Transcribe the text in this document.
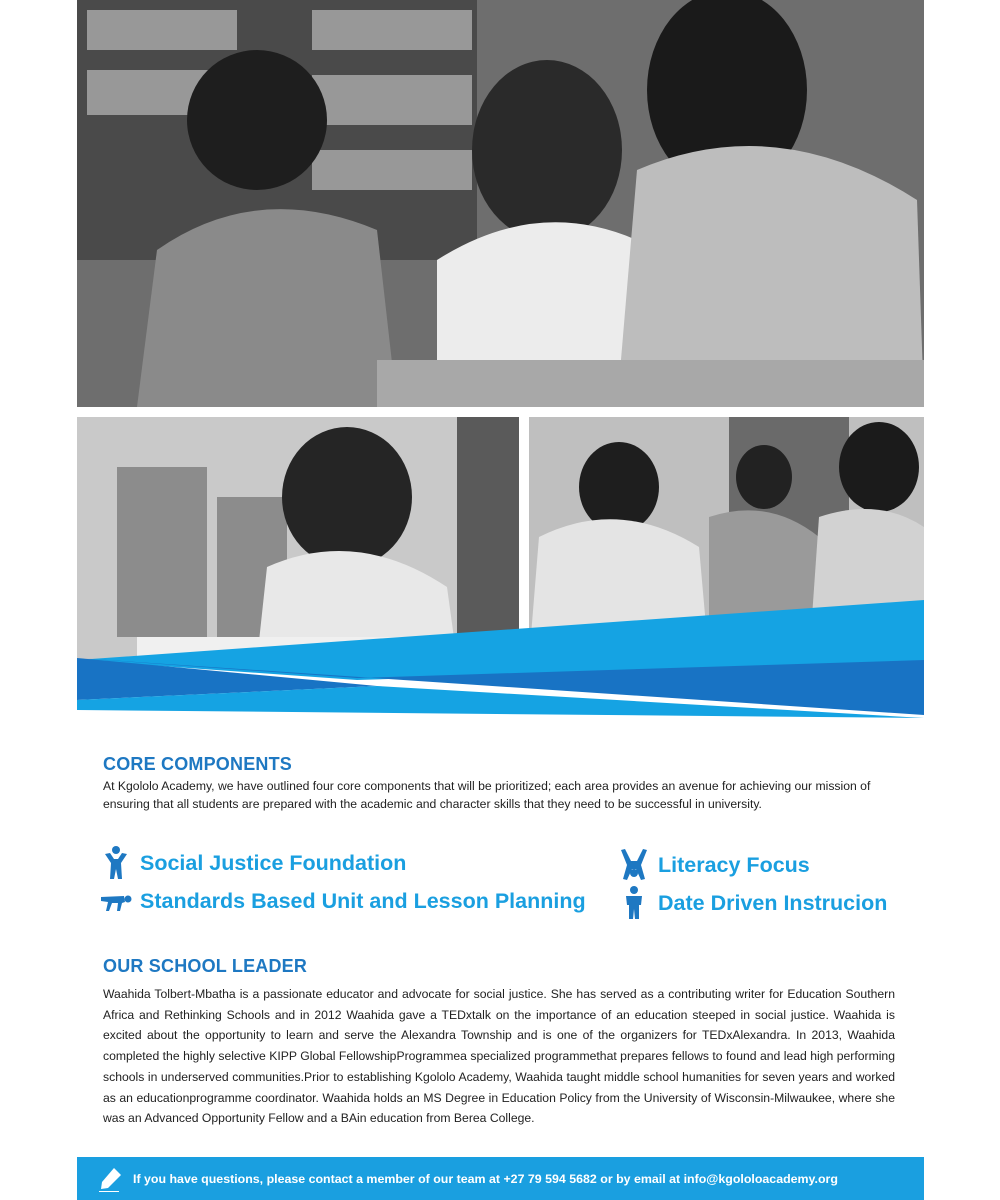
CORE COMPONENTS

At Kgololo Academy, we have outlined four core components that will be prioritized; each area provides an avenue for achieving our mission of ensuring that all students are prepared with the academic and character skills that they need to be successful in university.

Social Justice Foundation
Standards Based Unit and Lesson Planning
Literacy Focus
Date Driven Instrucion
OUR SCHOOL LEADER

Waahida Tolbert-Mbatha is a passionate educator and advocate for social justice. She has served as a contributing writer for Education Southern Africa and Rethinking Schools and in 2012 Waahida gave a TEDxtalk on the importance of an education steeped in social justice. Waahida is excited about the opportunity to learn and serve the Alexandra Township and is one of the organizers for TEDxAlexandra. In 2013, Waahida completed the highly selective KIPP Global FellowshipProgrammea specialized programmethat prepares fellows to found and lead high performing schools in underserved communities.Prior to establishing Kgololo Academy, Waahida taught middle school humanities for seven years and worked as an educationprogramme coordinator. Waahida holds an MS Degree in Education Policy from the University of Wisconsin-Milwaukee, where she was an Advanced Opportunity Fellow and a BAin education from Berea College.

If you have questions, please contact a member of our team at +27 79 594 5682 or by email at info@kgololoacademy.org
